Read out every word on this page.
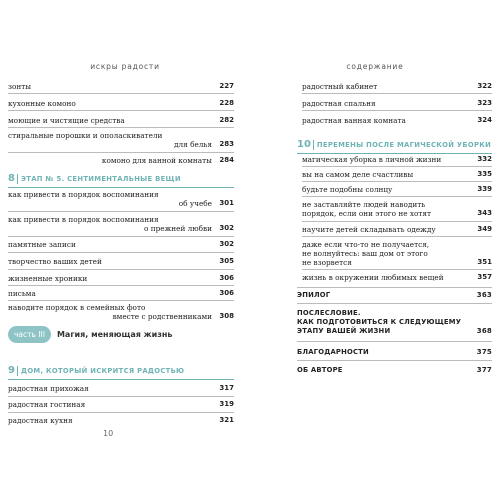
искры радости
зонты	227
кухонные комоно	228
моющие и чистящие средства	282
стиральные порошки и ополаскиватели
для белья	283
комоно для ванной комнаты	284
8 ЭТАП № 5. СЕНТИМЕНТАЛЬНЫЕ ВЕЩИ
как привести в порядок воспоминания
об учебе	301
как привести в порядок воспоминания
о прежней любви	302
памятные записи	302
творчество ваших детей	305
жизненные хроники	306
письма	306
наводите порядок в семейных фото
вместе с родственниками	308
часть III	Магия, меняющая жизнь
9 ДОМ, КОТОРЫЙ ИСКРИТСЯ РАДОСТЬЮ
радостная прихожая	317
радостная гостиная	319
радостная кухня	321
10
содержание
радостный кабинет	322
радостная спальня	323
радостная ванная комната	324
10 ПЕРЕМЕНЫ ПОСЛЕ МАГИЧЕСКОЙ УБОРКИ
магическая уборка в личной жизни	332
вы на самом деле счастливы	335
будьте подобны солнцу	339
не заставляйте людей наводить
порядок, если они этого не хотят	343
научите детей складывать одежду	349
даже если что-то не получается,
не волнуйтесь: ваш дом от этого
не взорвется	351
жизнь в окружении любимых вещей	357
ЭПИЛОГ	363
ПОСЛЕСЛОВИЕ.
КАК ПОДГОТОВИТЬСЯ К СЛЕДУЮЩЕМУ
ЭТАПУ ВАШЕЙ ЖИЗНИ	368
БЛАГОДАРНОСТИ	375
ОБ АВТОРЕ	377
